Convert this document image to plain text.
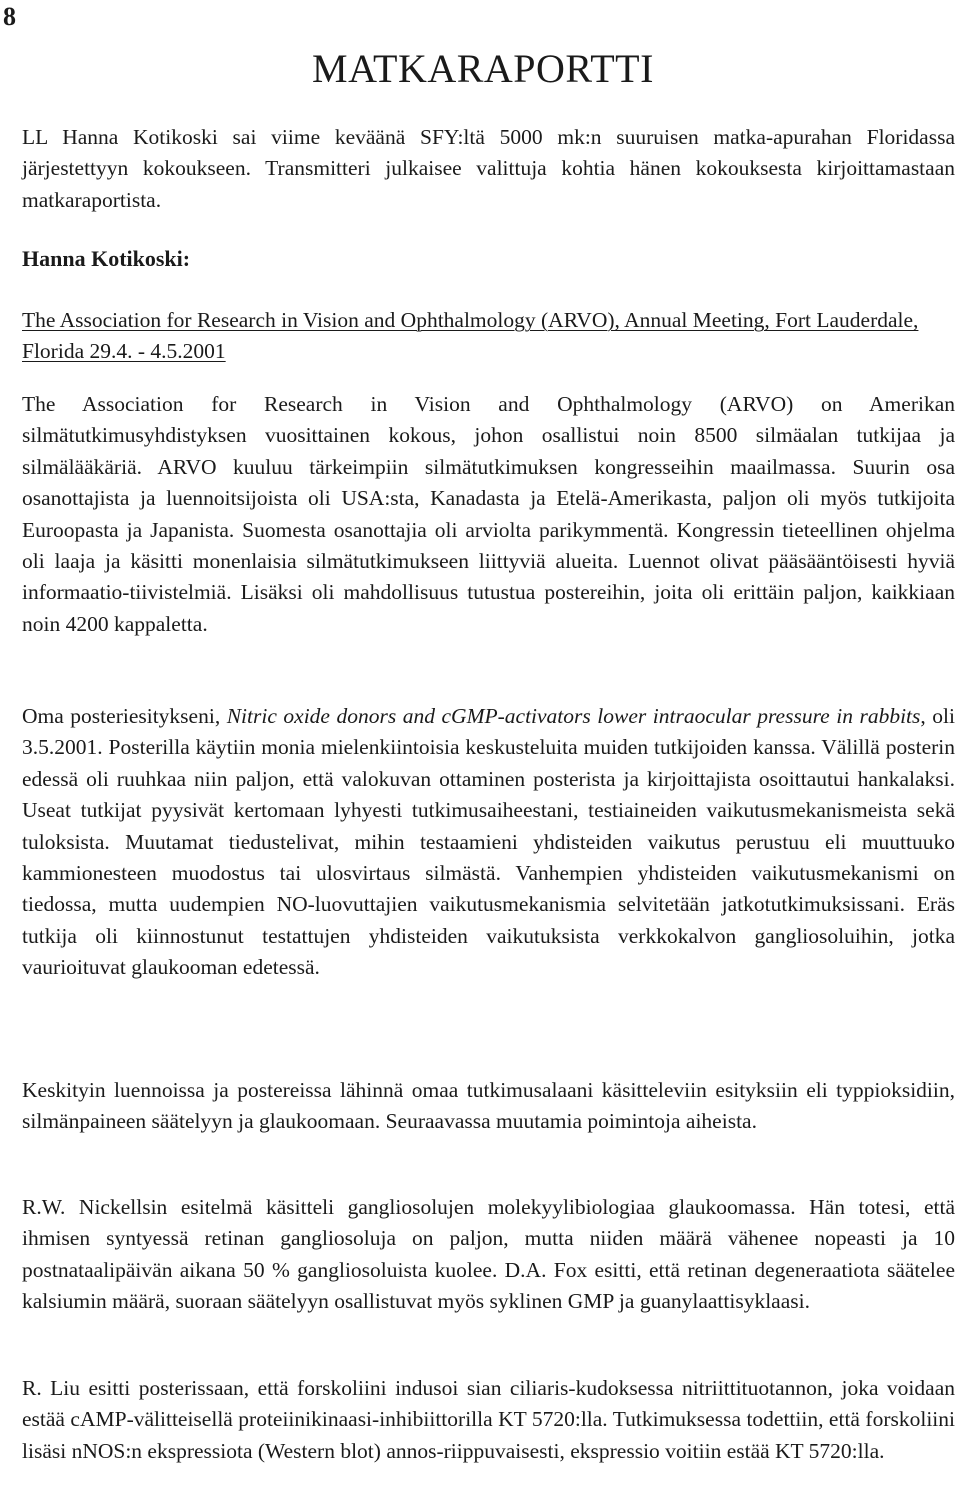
8
MATKARAPORTTI

LL Hanna Kotikoski sai viime keväänä SFY:ltä 5000 mk:n suuruisen matka-apurahan Floridassa järjestettyyn kokoukseen. Transmitteri julkaisee valittuja kohtia hänen kokouksesta kirjoittamastaan matkaraportista.

Hanna Kotikoski:

The Association for Research in Vision and Ophthalmology (ARVO), Annual Meeting, Fort Lauderdale, Florida 29.4. - 4.5.2001

The Association for Research in Vision and Ophthalmology (ARVO) on Amerikan silmätutkimusyhdistyksen vuosittainen kokous, johon osallistui noin 8500 silmäalan tutkijaa ja silmälääkäriä. ARVO kuuluu tärkeimpiin silmätutkimuksen kongresseihin maailmassa. Suurin osa osanottajista ja luennoitsijoista oli USA:sta, Kanadasta ja Etelä-Amerikasta, paljon oli myös tutkijoita Euroopasta ja Japanista. Suomesta osanottajia oli arviolta parikymmentä. Kongressin tieteellinen ohjelma oli laaja ja käsitti monenlaisia silmätutkimukseen liittyviä alueita. Luennot olivat pääsääntöisesti hyviä informaatio-tiivistelmiä. Lisäksi oli mahdollisuus tutustua postereihin, joita oli erittäin paljon, kaikkiaan noin 4200 kappaletta.

Oma posteriesitykseni, Nitric oxide donors and cGMP-activators lower intraocular pressure in rabbits, oli 3.5.2001. Posterilla käytiin monia mielenkiintoisia keskusteluita muiden tutkijoiden kanssa. Välillä posterin edessä oli ruuhkaa niin paljon, että valokuvan ottaminen posterista ja kirjoittajista osoittautui hankalaksi. Useat tutkijat pyysivät kertomaan lyhyesti tutkimusaiheestani, testiaineiden vaikutusmekanismeista sekä tuloksista. Muutamat tiedustelivat, mihin testaamieni yhdisteiden vaikutus perustuu eli muuttuuko kammionesteen muodostus tai ulosvirtaus silmästä. Vanhempien yhdisteiden vaikutusmekanismi on tiedossa, mutta uudempien NO-luovuttajien vaikutusmekanismia selvitetään jatkotutkimuksissani. Eräs tutkija oli kiinnostunut testattujen yhdisteiden vaikutuksista verkkokalvon gangliosoluihin, jotka vaurioituvat glaukooman edetessä.

Keskityin luennoissa ja postereissa lähinnä omaa tutkimusalaani käsitteleviin esityksiin eli typpioksidiin, silmänpaineen säätelyyn ja glaukoomaan. Seuraavassa muutamia poimintoja aiheista.

R.W. Nickellsin esitelmä käsitteli gangliosolujen molekyylibiologiaa glaukoomassa. Hän totesi, että ihmisen syntyessä retinan gangliosoluja on paljon, mutta niiden määrä vähenee nopeasti ja 10 postnataalipäivän aikana 50 % gangliosoluista kuolee. D.A. Fox esitti, että retinan degeneraatiota säätelee kalsiumin määrä, suoraan säätelyyn osallistuvat myös syklinen GMP ja guanylaattisyklaasi.

R. Liu esitti posterissaan, että forskoliini indusoi sian ciliaris-kudoksessa nitriittituotannon, joka voidaan estää cAMP-välitteisellä proteiinikinaasi-inhibiittorilla KT 5720:lla. Tutkimuksessa todettiin, että forskoliini lisäsi nNOS:n ekspressiota (Western blot) annos-riippuvaisesti, ekspressio voitiin estää KT 5720:lla.
